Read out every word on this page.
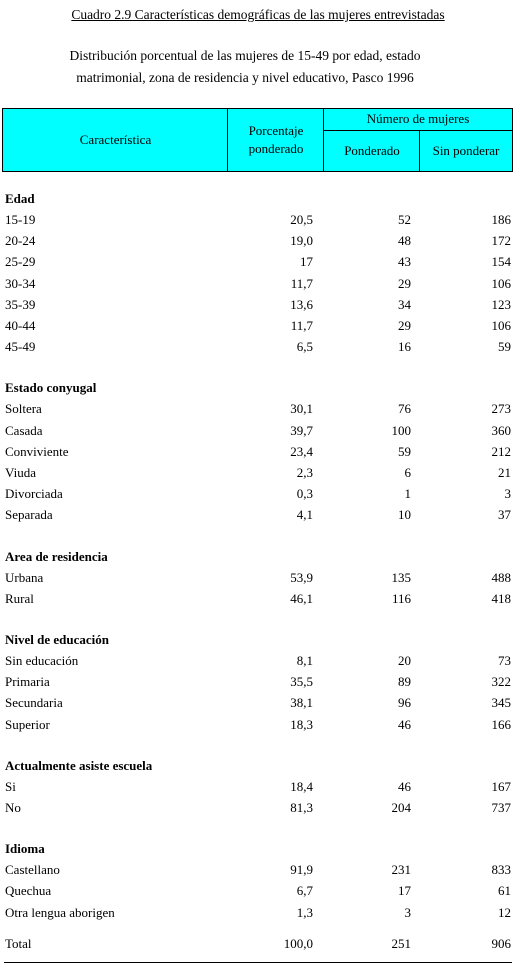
Cuadro 2.9 Características demográficas de las mujeres entrevistadas
Distribución porcentual de las mujeres de 15-49 por edad, estado
matrimonial, zona de residencia y nivel educativo, Pasco 1996
Característica
Porcentaje
ponderado
Número de mujeres
Ponderado	Sin ponderar
Edad
15-19	20,5	52	186
20-24	19,0	48	172
25-29	17	43	154
30-34	11,7	29	106
35-39	13,6	34	123
40-44	11,7	29	106
45-49	6,5	16	59
Estado conyugal
Soltera	30,1	76	273
Casada	39,7	100	360
Conviviente	23,4	59	212
Viuda	2,3	6	21
Divorciada	0,3	1	3
Separada	4,1	10	37
Area de residencia
Urbana	53,9	135	488
Rural	46,1	116	418
Nivel de educación
Sin educación	8,1	20	73
Primaria	35,5	89	322
Secundaria	38,1	96	345
Superior	18,3	46	166
Actualmente asiste escuela
Si	18,4	46	167
No	81,3	204	737
Idioma
Castellano	91,9	231	833
Quechua	6,7	17	61
Otra lengua aborigen	1,3	3	12
Total	100,0	251	906
